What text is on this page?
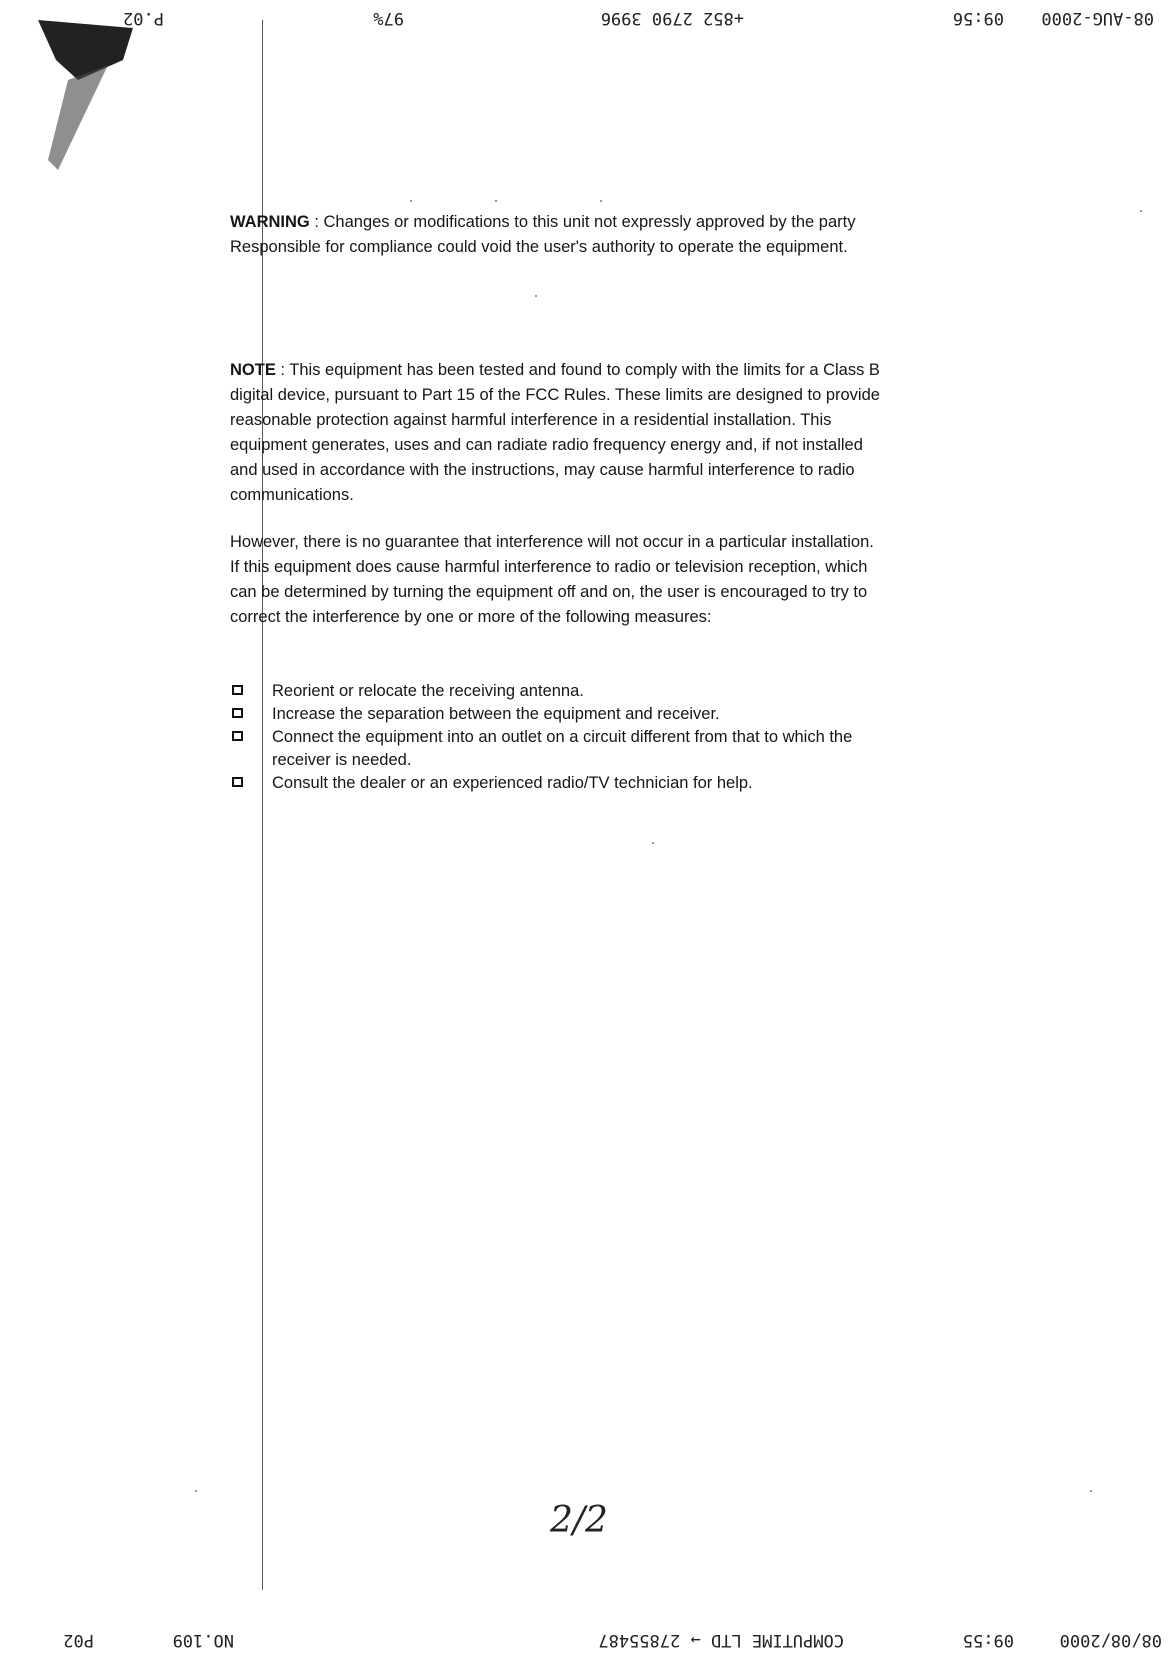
P.02	97%	+852 2790 3996	09:56 08-AUG-2000
WARNING : Changes or modifications to this unit not expressly approved by the party Responsible for compliance could void the user's authority to operate the equipment.
NOTE : This equipment has been tested and found to comply with the limits for a Class B digital device, pursuant to Part 15 of the FCC Rules. These limits are designed to provide reasonable protection against harmful interference in a residential installation. This equipment generates, uses and can radiate radio frequency energy and, if not installed and used in accordance with the instructions, may cause harmful interference to radio communications.
However, there is no guarantee that interference will not occur in a particular installation. If this equipment does cause harmful interference to radio or television reception, which can be determined by turning the equipment off and on, the user is encouraged to try to correct the interference by one or more of the following measures:
Reorient or relocate the receiving antenna.
Increase the separation between the equipment and receiver.
Connect the equipment into an outlet on a circuit different from that to which the receiver is needed.
Consult the dealer or an experienced radio/TV technician for help.
2/2
P02	NO.109	COMPUTIME LTD → 27855487	09:55	08/08/2000
